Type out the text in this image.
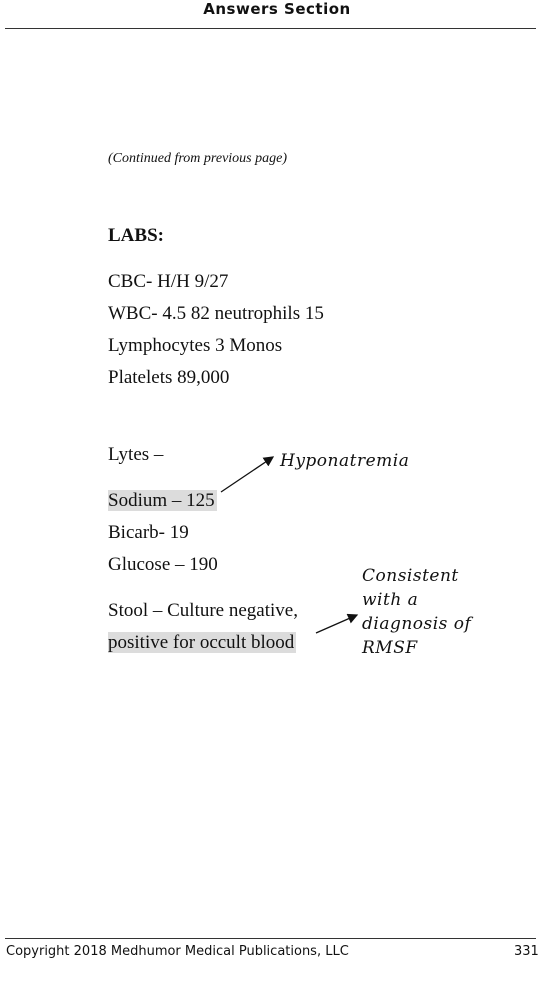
Answers Section
(Continued from previous page)
LABS:
CBC- H/H 9/27
WBC- 4.5 82 neutrophils 15
Lymphocytes 3 Monos
Platelets 89,000
Lytes –
Sodium – 125
Bicarb- 19
Glucose – 190
Stool – Culture negative,
positive for occult blood
Hyponatremia
Consistent
with a
diagnosis of
RMSF
Copyright 2018 Medhumor Medical Publications, LLC	331
